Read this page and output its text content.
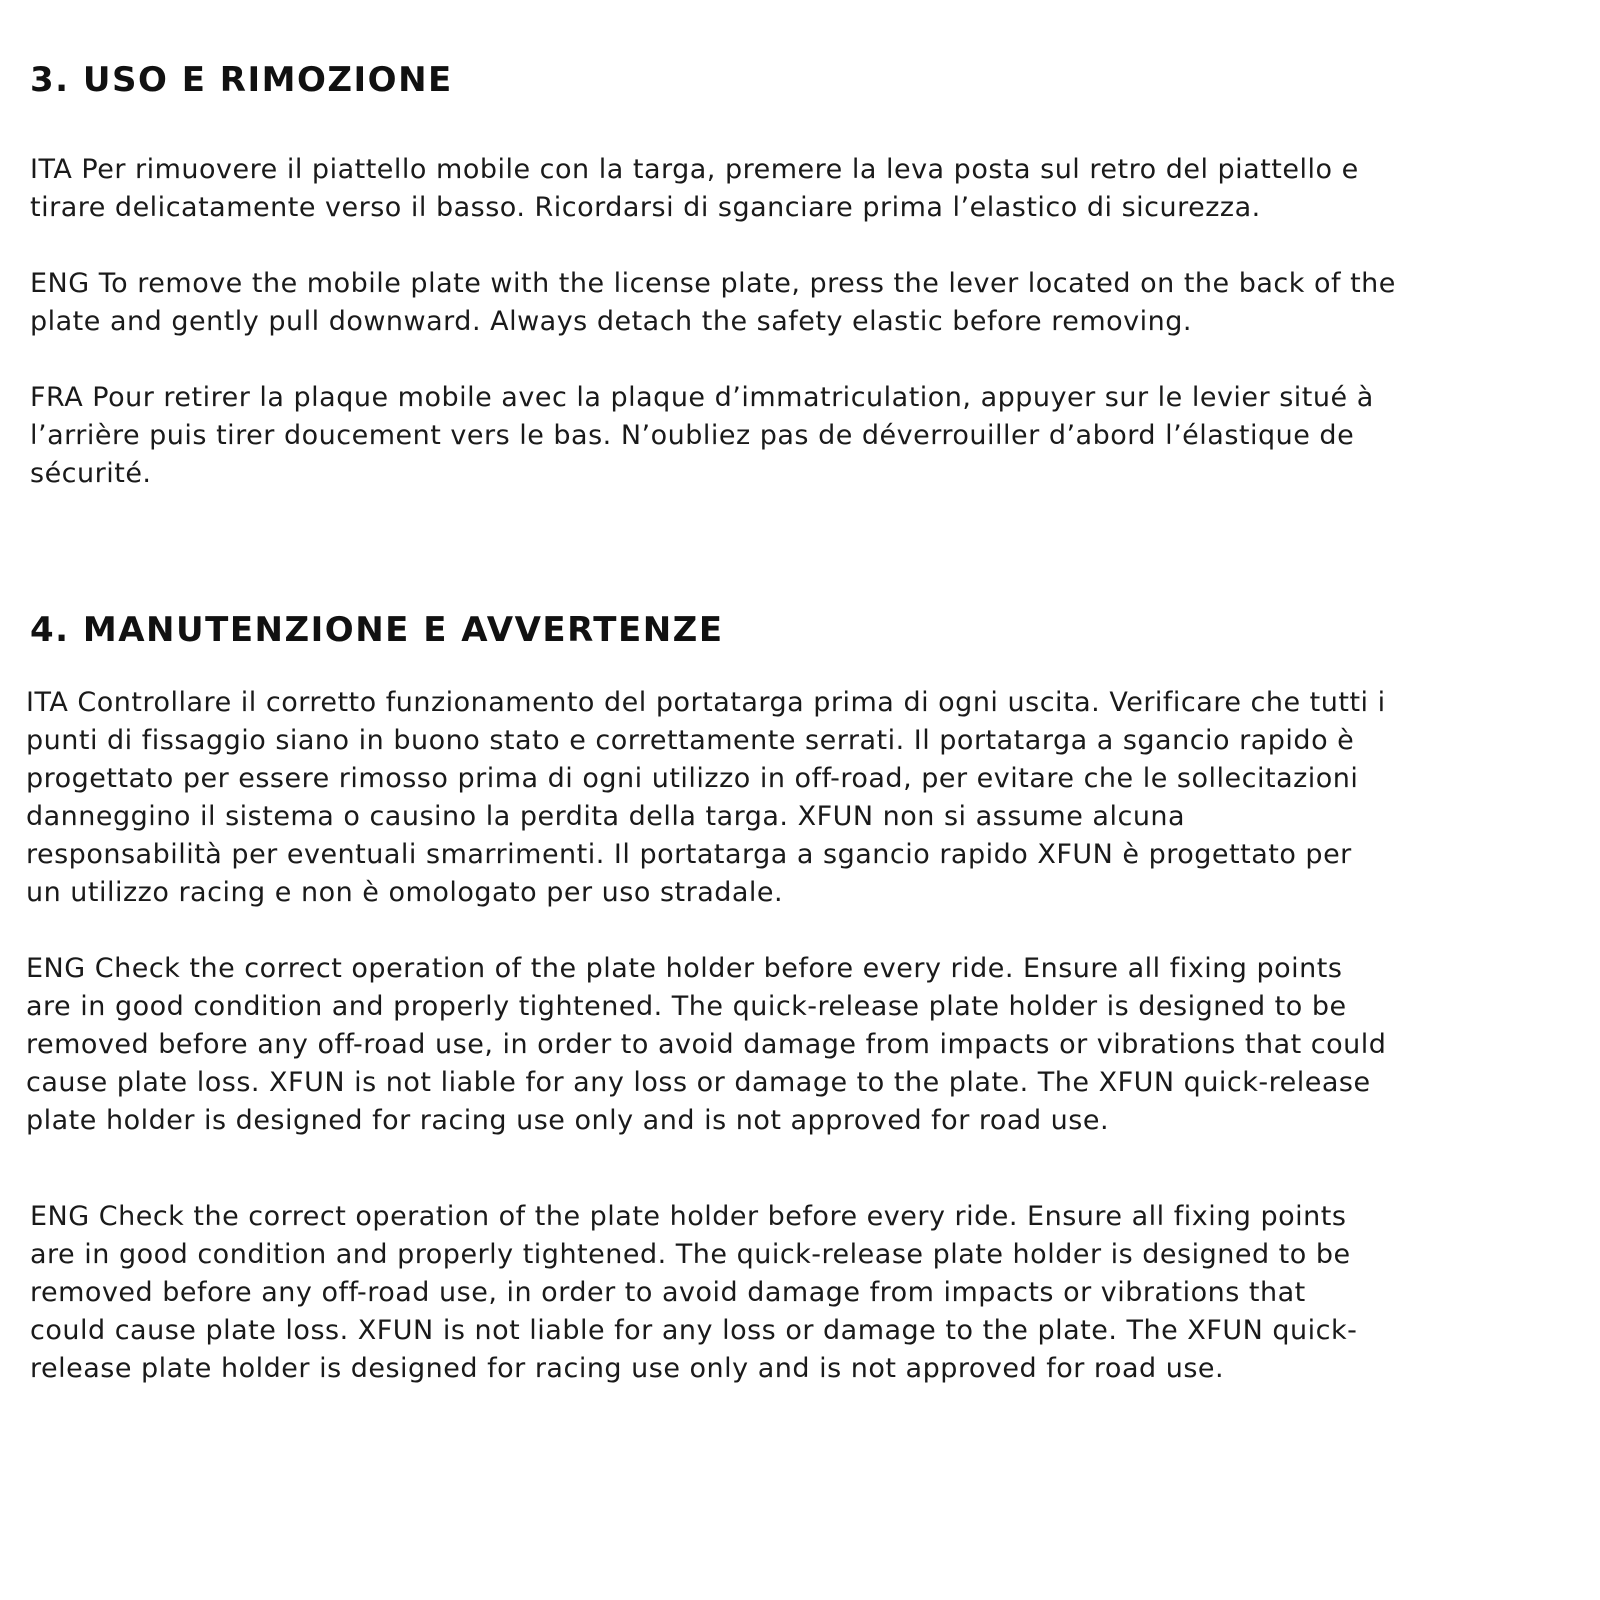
3. USO E RIMOZIONE

ITA Per rimuovere il piattello mobile con la targa, premere la leva posta sul retro del piattello e
tirare delicatamente verso il basso. Ricordarsi di sganciare prima l’elastico di sicurezza.

ENG To remove the mobile plate with the license plate, press the lever located on the back of the
plate and gently pull downward. Always detach the safety elastic before removing.

FRA Pour retirer la plaque mobile avec la plaque d’immatriculation, appuyer sur le levier situé à
l’arrière puis tirer doucement vers le bas. N’oubliez pas de déverrouiller d’abord l’élastique de
sécurité.

4. MANUTENZIONE E AVVERTENZE

ITA Controllare il corretto funzionamento del portatarga prima di ogni uscita. Verificare che tutti i
punti di fissaggio siano in buono stato e correttamente serrati. Il portatarga a sgancio rapido è
progettato per essere rimosso prima di ogni utilizzo in off-road, per evitare che le sollecitazioni
danneggino il sistema o causino la perdita della targa. XFUN non si assume alcuna
responsabilità per eventuali smarrimenti. Il portatarga a sgancio rapido XFUN è progettato per
un utilizzo racing e non è omologato per uso stradale.

ENG Check the correct operation of the plate holder before every ride. Ensure all fixing points
are in good condition and properly tightened. The quick-release plate holder is designed to be
removed before any off-road use, in order to avoid damage from impacts or vibrations that could
cause plate loss. XFUN is not liable for any loss or damage to the plate. The XFUN quick-release
plate holder is designed for racing use only and is not approved for road use.

ENG Check the correct operation of the plate holder before every ride. Ensure all fixing points
are in good condition and properly tightened. The quick-release plate holder is designed to be
removed before any off-road use, in order to avoid damage from impacts or vibrations that
could cause plate loss. XFUN is not liable for any loss or damage to the plate. The XFUN quick-
release plate holder is designed for racing use only and is not approved for road use.
